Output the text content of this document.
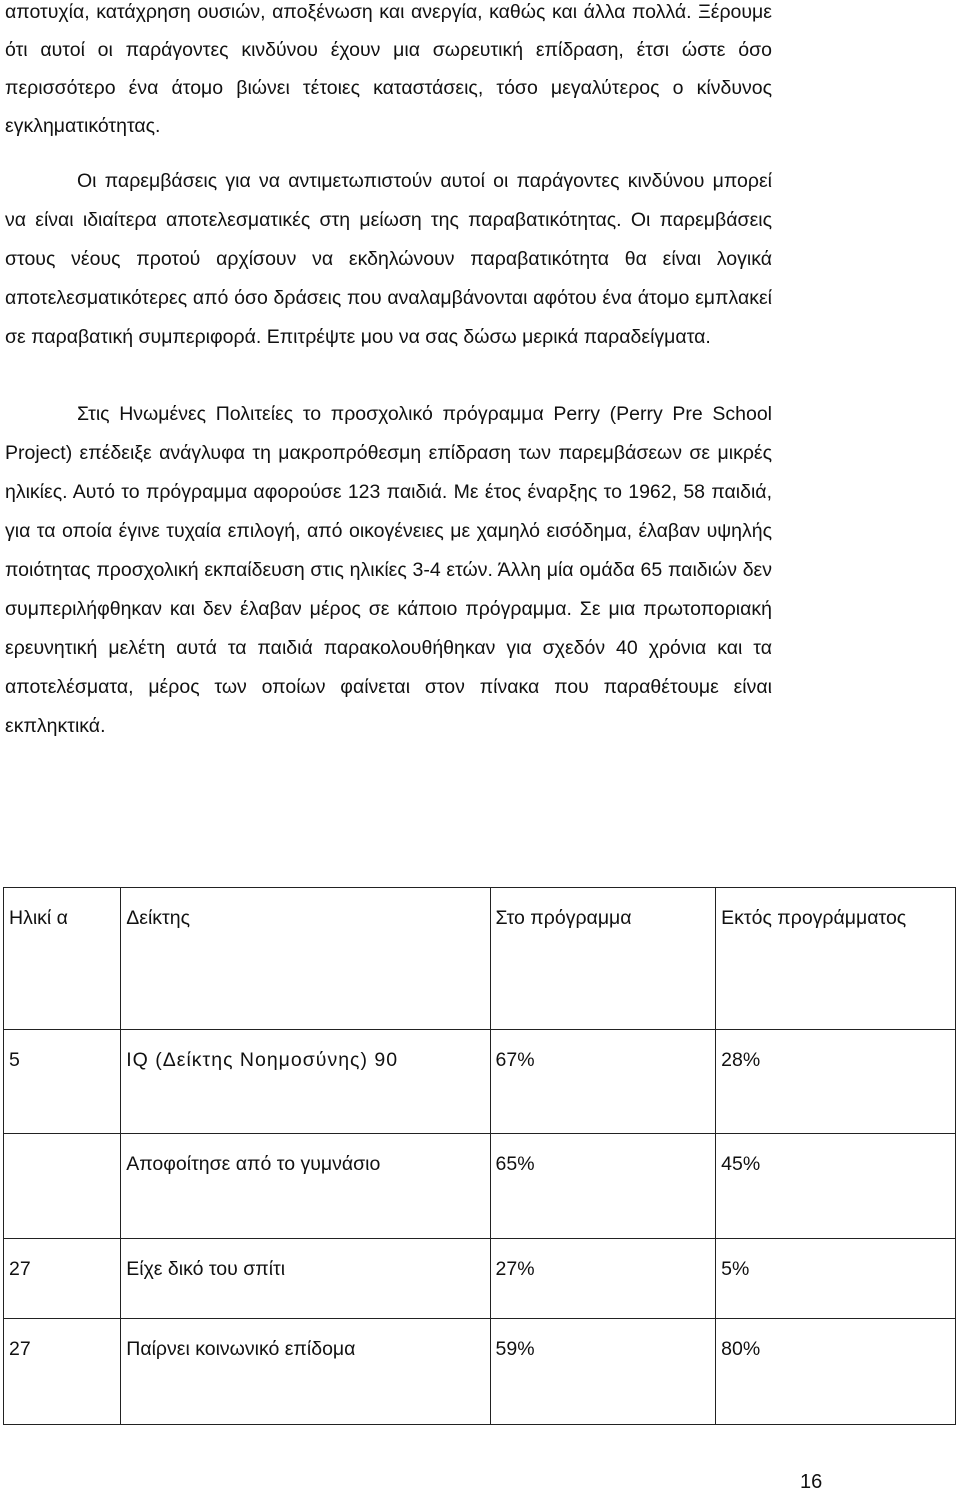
αποτυχία, κατάχρηση ουσιών, αποξένωση και ανεργία, καθώς και άλλα πολλά. Ξέρουμε ότι αυτοί οι παράγοντες κινδύνου έχουν μια σωρευτική επίδραση, έτσι ώστε όσο περισσότερο ένα άτομο βιώνει τέτοιες καταστάσεις, τόσο μεγαλύτερος ο κίνδυνος εγκληματικότητας.

Οι παρεμβάσεις για να αντιμετωπιστούν αυτοί οι παράγοντες κινδύνου μπορεί να είναι ιδιαίτερα αποτελεσματικές στη μείωση της παραβατικότητας. Οι παρεμβάσεις στους νέους προτού αρχίσουν να εκδηλώνουν παραβατικότητα θα είναι λογικά αποτελεσματικότερες από όσο δράσεις που αναλαμβάνονται αφότου ένα άτομο εμπλακεί σε παραβατική συμπεριφορά. Επιτρέψτε μου να σας δώσω μερικά παραδείγματα.

Στις Ηνωμένες Πολιτείες το προσχολικό πρόγραμμα Perry (Perry Pre School Project) επέδειξε ανάγλυφα τη μακροπρόθεσμη επίδραση των παρεμβάσεων σε μικρές ηλικίες. Αυτό το πρόγραμμα αφορούσε 123 παιδιά. Με έτος έναρξης το 1962, 58 παιδιά, για τα οποία έγινε τυχαία επιλογή, από οικογένειες με χαμηλό εισόδημα, έλαβαν υψηλής ποιότητας προσχολική εκπαίδευση στις ηλικίες 3-4 ετών. Άλλη μία ομάδα 65 παιδιών δεν συμπεριλήφθηκαν και δεν έλαβαν μέρος σε κάποιο πρόγραμμα. Σε μια πρωτοποριακή ερευνητική μελέτη αυτά τα παιδιά παρακολουθήθηκαν για σχεδόν 40 χρόνια και τα αποτελέσματα, μέρος των οποίων φαίνεται στον πίνακα που παραθέτουμε είναι εκπληκτικά.

Ηλικί α	Δείκτης	Στο πρόγραμμα	Εκτός προγράμματος
5	IQ (Δείκτης Νοημοσύνης) 90	67%	28%
	Αποφοίτησε από το γυμνάσιο	65%	45%
27	Είχε δικό του σπίτι	27%	5%
27	Παίρνει κοινωνικό επίδομα	59%	80%
16
